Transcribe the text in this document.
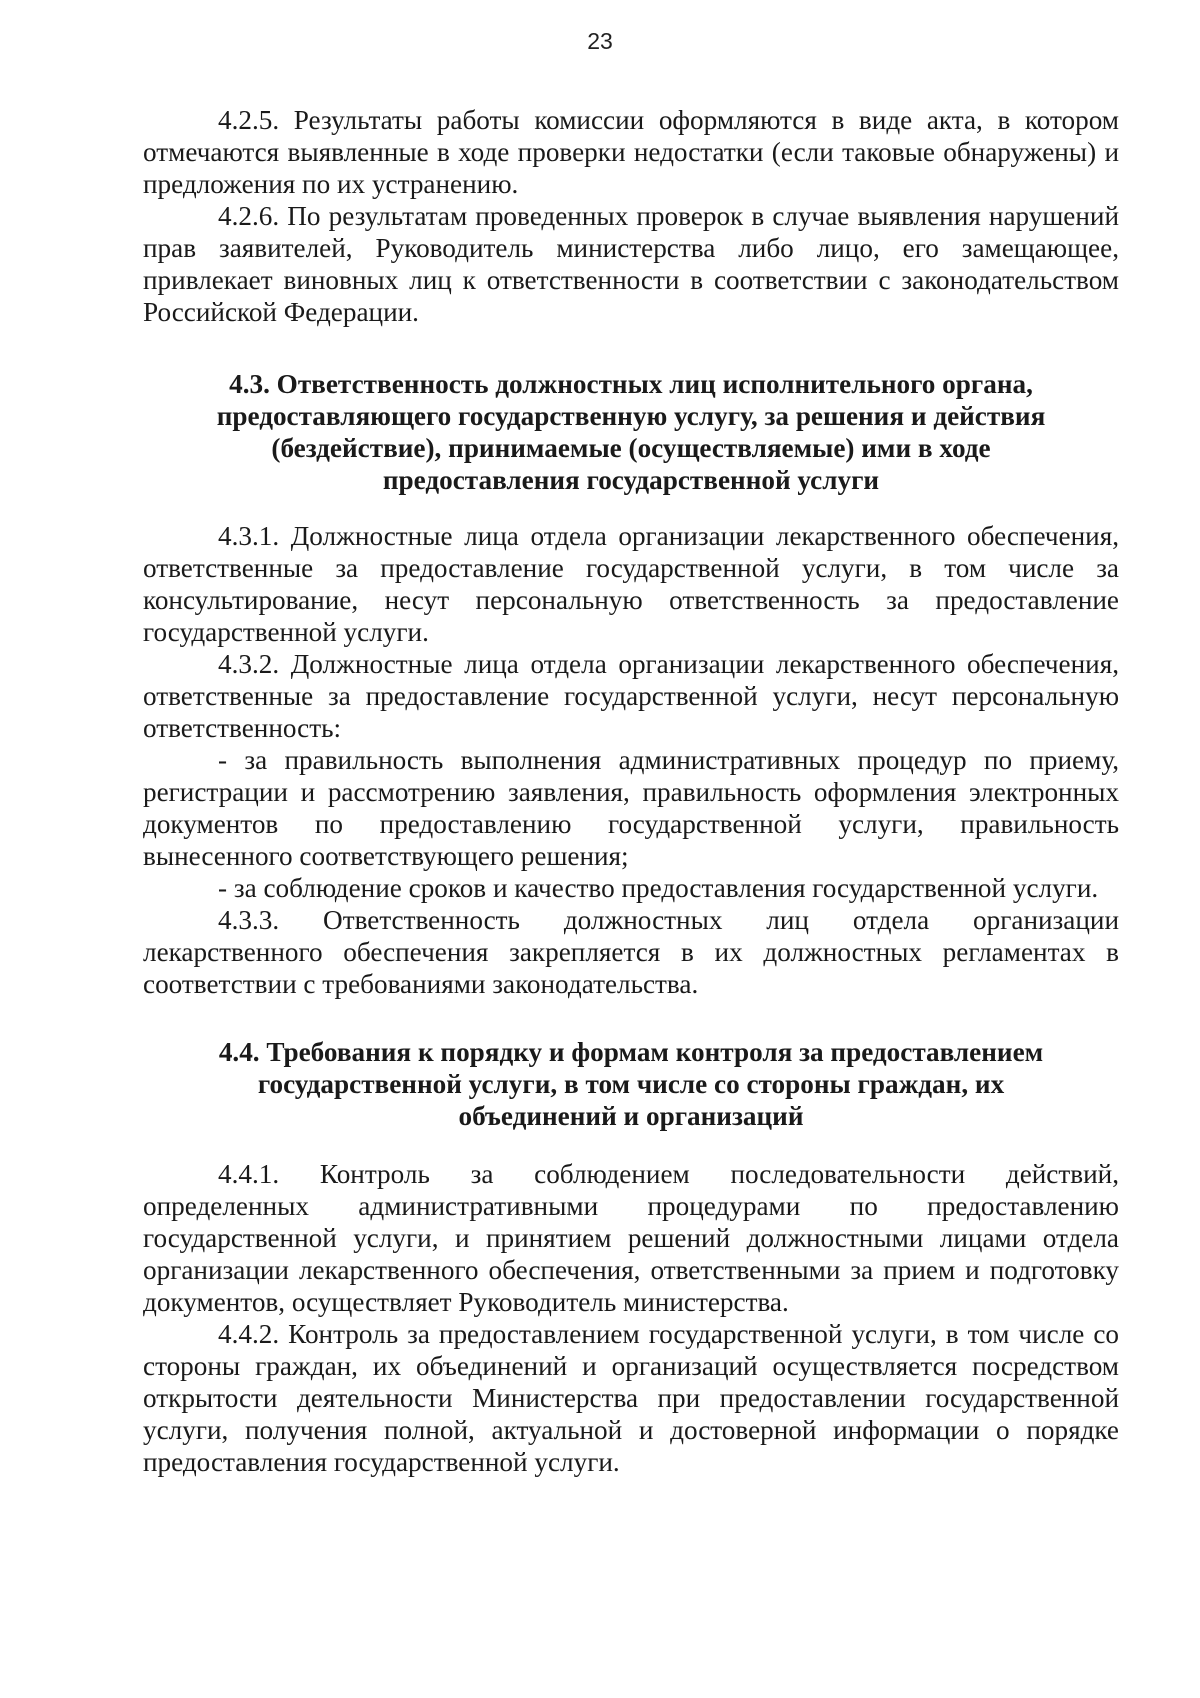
23

4.2.5. Результаты работы комиссии оформляются в виде акта, в котором отмечаются выявленные в ходе проверки недостатки (если таковые обнаружены) и предложения по их устранению.

4.2.6. По результатам проведенных проверок в случае выявления нарушений прав заявителей, Руководитель министерства либо лицо, его замещающее, привлекает виновных лиц к ответственности в соответствии с законодательством Российской Федерации.

4.3. Ответственность должностных лиц исполнительного органа,
предоставляющего государственную услугу, за решения и действия
(бездействие), принимаемые (осуществляемые) ими в ходе
предоставления государственной услуги

4.3.1. Должностные лица отдела организации лекарственного обеспечения, ответственные за предоставление государственной услуги, в том числе за консультирование, несут персональную ответственность за предоставление государственной услуги.

4.3.2. Должностные лица отдела организации лекарственного обеспечения, ответственные за предоставление государственной услуги, несут персональную ответственность:

- за правильность выполнения административных процедур по приему, регистрации и рассмотрению заявления, правильность оформления электронных документов по предоставлению государственной услуги, правильность вынесенного соответствующего решения;

- за соблюдение сроков и качество предоставления государственной услуги.

4.3.3. Ответственность должностных лиц отдела организации лекарственного обеспечения закрепляется в их должностных регламентах в соответствии с требованиями законодательства.

4.4. Требования к порядку и формам контроля за предоставлением
государственной услуги, в том числе со стороны граждан, их
объединений и организаций

4.4.1. Контроль за соблюдением последовательности действий, определенных административными процедурами по предоставлению государственной услуги, и принятием решений должностными лицами отдела организации лекарственного обеспечения, ответственными за прием и подготовку документов, осуществляет Руководитель министерства.

4.4.2. Контроль за предоставлением государственной услуги, в том числе со стороны граждан, их объединений и организаций осуществляется посредством открытости деятельности Министерства при предоставлении государственной услуги, получения полной, актуальной и достоверной информации о порядке предоставления государственной услуги.
